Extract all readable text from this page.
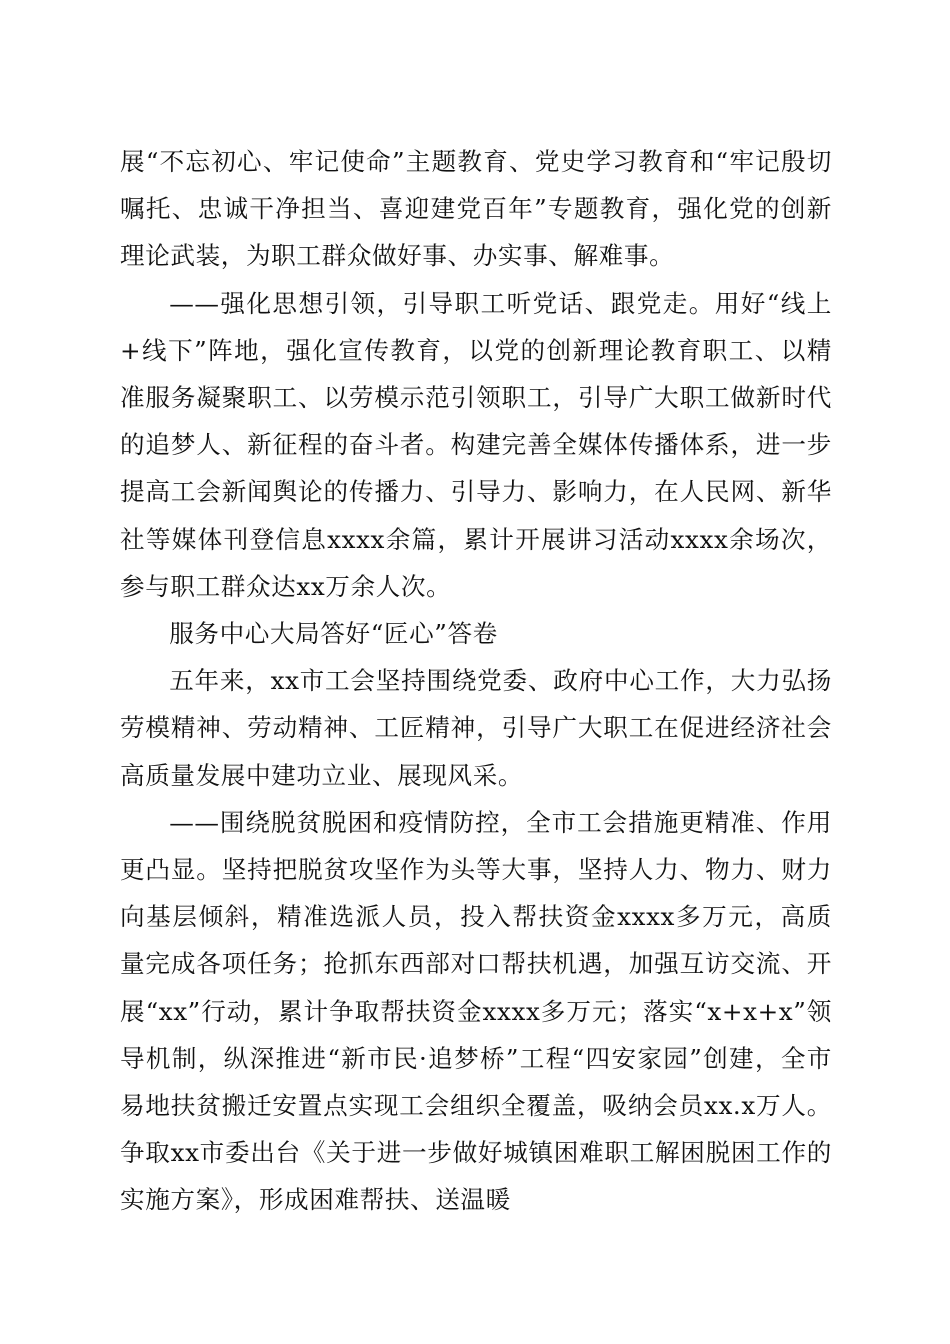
展“不忘初心、牢记使命”主题教育、党史学习教育和“牢记殷切嘱托、忠诚干净担当、喜迎建党百年”专题教育，强化党的创新理论武装，为职工群众做好事、办实事、解难事。

——强化思想引领，引导职工听党话、跟党走。用好“线上+线下”阵地，强化宣传教育，以党的创新理论教育职工、以精准服务凝聚职工、以劳模示范引领职工，引导广大职工做新时代的追梦人、新征程的奋斗者。构建完善全媒体传播体系，进一步提高工会新闻舆论的传播力、引导力、影响力，在人民网、新华社等媒体刊登信息xxxx余篇，累计开展讲习活动xxxx余场次，参与职工群众达xx万余人次。

服务中心大局答好“匠心”答卷

五年来，xx市工会坚持围绕党委、政府中心工作，大力弘扬劳模精神、劳动精神、工匠精神，引导广大职工在促进经济社会高质量发展中建功立业、展现风采。

——围绕脱贫脱困和疫情防控，全市工会措施更精准、作用更凸显。坚持把脱贫攻坚作为头等大事，坚持人力、物力、财力向基层倾斜，精准选派人员，投入帮扶资金xxxx多万元，高质量完成各项任务；抢抓东西部对口帮扶机遇，加强互访交流、开展“xx”行动，累计争取帮扶资金xxxx多万元；落实“x+x+x”领导机制，纵深推进“新市民·追梦桥”工程“四安家园”创建，全市易地扶贫搬迁安置点实现工会组织全覆盖，吸纳会员xx.x万人。争取xx市委出台《关于进一步做好城镇困难职工解困脱困工作的实施方案》，形成困难帮扶、送温暖
